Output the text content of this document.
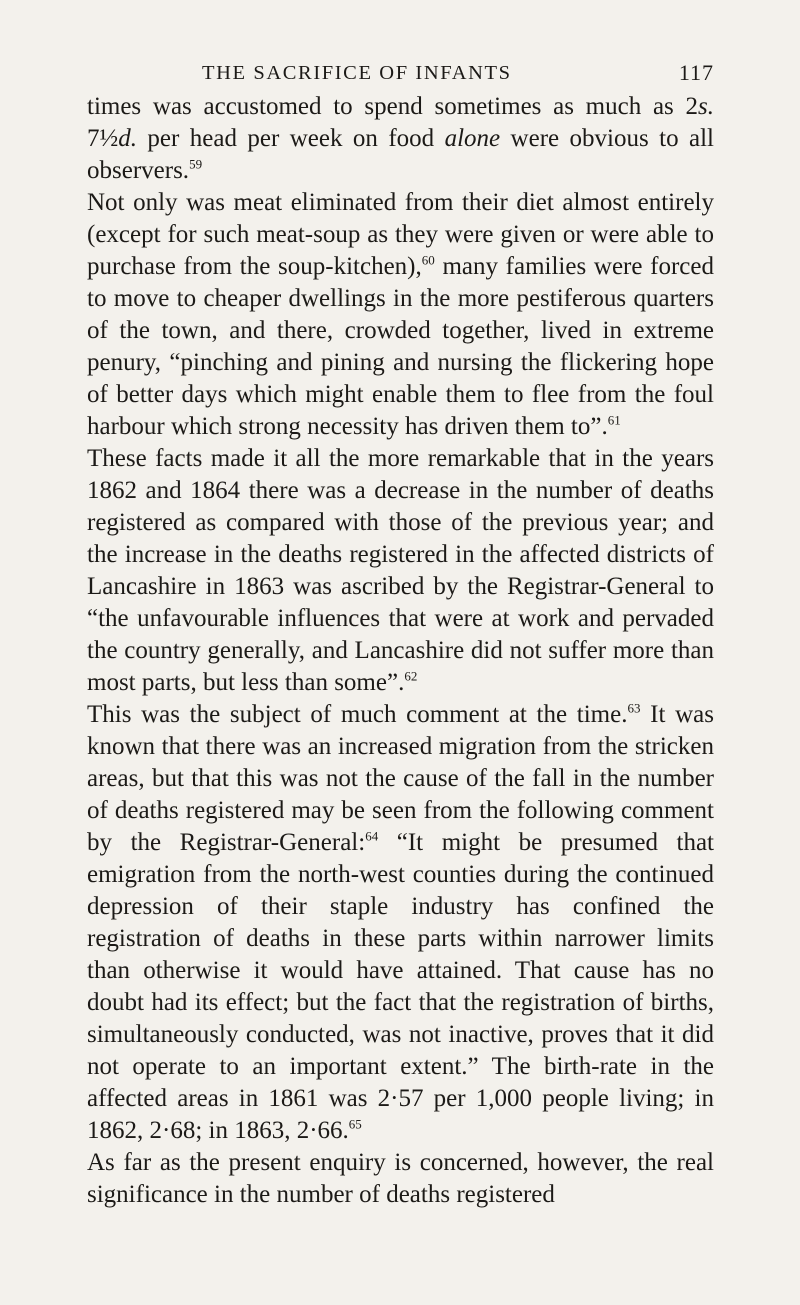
THE SACRIFICE OF INFANTS	117

times was accustomed to spend sometimes as much as 2s. 7½d. per head per week on food alone were obvious to all observers.$^{59}$

Not only was meat eliminated from their diet almost entirely (except for such meat-soup as they were given or were able to purchase from the soup-kitchen),$^{60}$ many families were forced to move to cheaper dwellings in the more pestiferous quarters of the town, and there, crowded together, lived in extreme penury, “pinching and pining and nursing the flickering hope of better days which might enable them to flee from the foul harbour which strong necessity has driven them to”.$^{61}$

These facts made it all the more remarkable that in the years 1862 and 1864 there was a decrease in the number of deaths registered as compared with those of the previous year; and the increase in the deaths registered in the affected districts of Lancashire in 1863 was ascribed by the Registrar-General to “the unfavourable influences that were at work and pervaded the country generally, and Lancashire did not suffer more than most parts, but less than some”.$^{62}$

This was the subject of much comment at the time.$^{63}$ It was known that there was an increased migration from the stricken areas, but that this was not the cause of the fall in the number of deaths registered may be seen from the following comment by the Registrar-General:$^{64}$ “It might be presumed that emigration from the north-west counties during the continued depression of their staple industry has confined the registration of deaths in these parts within narrower limits than otherwise it would have attained. That cause has no doubt had its effect; but the fact that the registration of births, simultaneously conducted, was not inactive, proves that it did not operate to an important extent.” The birth-rate in the affected areas in 1861 was 2·57 per 1,000 people living; in 1862, 2·68; in 1863, 2·66.65

As far as the present enquiry is concerned, however, the real significance in the number of deaths registered
